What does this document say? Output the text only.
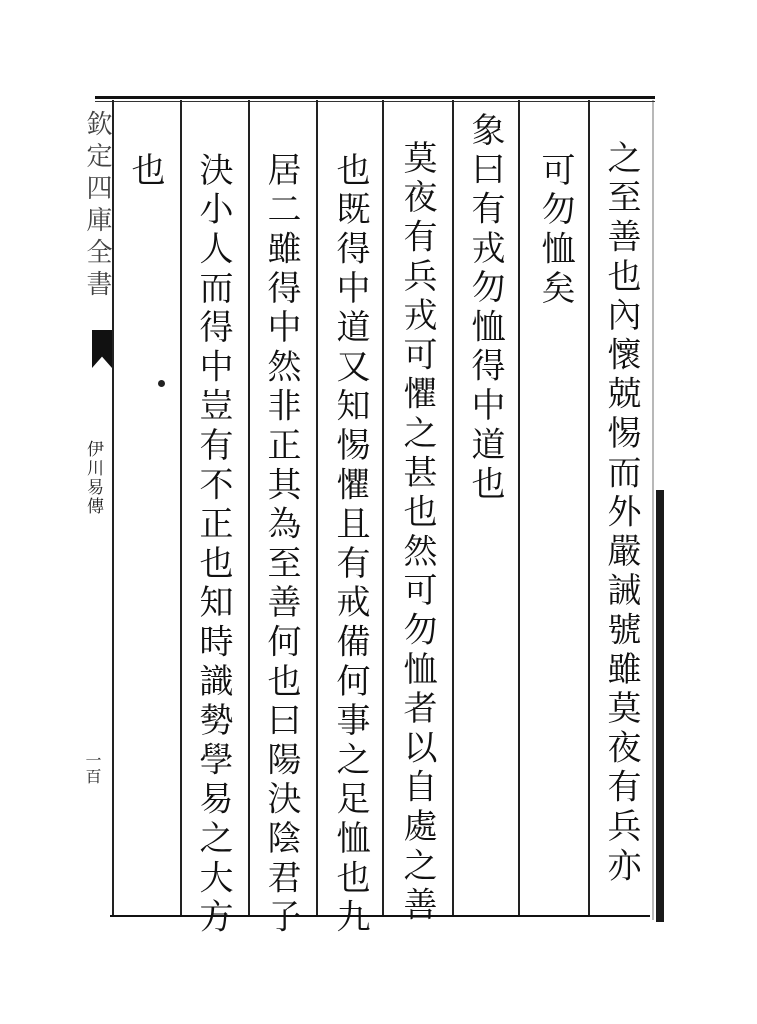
欽定四庫全書
伊川易傳
一百	之至善也內懷兢惕而外嚴誡號雖莫夜有兵亦
可勿恤矣
象曰有戎勿恤得中道也
莫夜有兵戎可懼之甚也然可勿恤者以自處之善
也既得中道又知惕懼且有戒備何事之足恤也九
居二雖得中然非正其為至善何也曰陽決陰君子
決小人而得中豈有不正也知時識勢學易之大方
也
